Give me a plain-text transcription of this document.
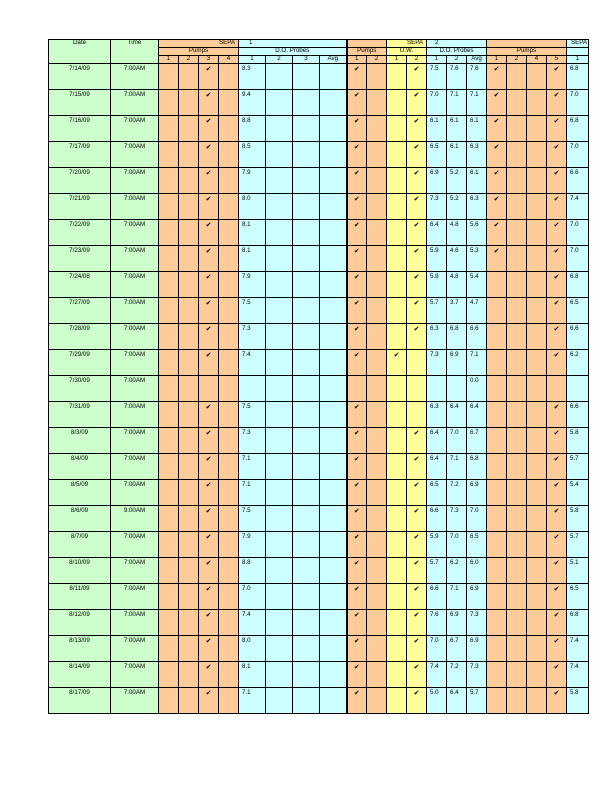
Date	Time	SEPA				1						SEPA		2							SEPA
		Pumps				D.O. Probes				Pumps		U.W.		D.O. Probes			Pumps				
		1	2	3	4	1	2	3	Avg	1	2	1	2	1	2	Avg	1	2	4	5	1
7/14/09	7:00AM			✔		8.3				✔			✔	7.5	7.6	7.6	✔			✔	6.8
7/15/09	7:00AM			✔		9.4				✔			✔	7.0	7.1	7.1	✔			✔	7.0
7/16/09	7:00AM			✔		8.8				✔			✔	6.1	6.1	6.1	✔			✔	6.8
7/17/09	7:00AM			✔		8.5				✔			✔	6.5	6.1	6.3	✔			✔	7.0
7/20/09	7:00AM			✔		7.9				✔			✔	6.9	5.2	6.1	✔			✔	6.6
7/21/09	7:00AM			✔		8.0				✔			✔	7.3	5.2	6.3	✔			✔	7.4
7/22/09	7:00AM			✔		8.1				✔			✔	6.4	4.8	5.6	✔			✔	7.0
7/23/09	7:00AM			✔		8.1				✔			✔	5.9	4.6	5.3	✔			✔	7.0
7/24/08	7:00AM			✔		7.9				✔			✔	5.9	4.8	5.4				✔	6.8
7/27/09	7:00AM			✔		7.5				✔			✔	5.7	3.7	4.7				✔	6.5
7/28/09	7:00AM			✔		7.3				✔			✔	6.3	6.8	6.6				✔	6.6
7/29/09	7:00AM			✔		7.4				✔		✔		7.3	6.9	7.1				✔	6.2
7/30/09	7:00AM															0.0					
7/31/09	7:00AM			✔		7.5				✔				6.3	6.4	6.4				✔	6.6
8/3/09	7:00AM			✔		7.3				✔			✔	6.4	7.0	6.7				✔	5.8
8/4/09	7:00AM			✔		7.1				✔			✔	6.4	7.1	6.8				✔	5.7
8/5/09	7:00AM			✔		7.1				✔			✔	6.5	7.2	6.9				✔	5.4
8/6/09	9:00AM			✔		7.5				✔			✔	6.6	7.3	7.0				✔	5.8
8/7/09	7:00AM			✔		7.9				✔			✔	5.9	7.0	6.5				✔	5.7
8/10/09	7:00AM			✔		8.8				✔			✔	5.7	6.2	6.0				✔	5.1
8/11/09	7:00AM			✔		7.0				✔			✔	6.6	7.1	6.9				✔	6.5
8/12/09	7:00AM			✔		7.4				✔			✔	7.6	6.9	7.3				✔	6.8
8/13/09	7:00AM			✔		8.0				✔			✔	7.0	6.7	6.9				✔	7.4
8/14/09	7:00AM			✔		8.1				✔			✔	7.4	7.2	7.3				✔	7.4
8/17/09	7:00AM			✔		7.1				✔			✔	5.0	6.4	5.7				✔	5.8
